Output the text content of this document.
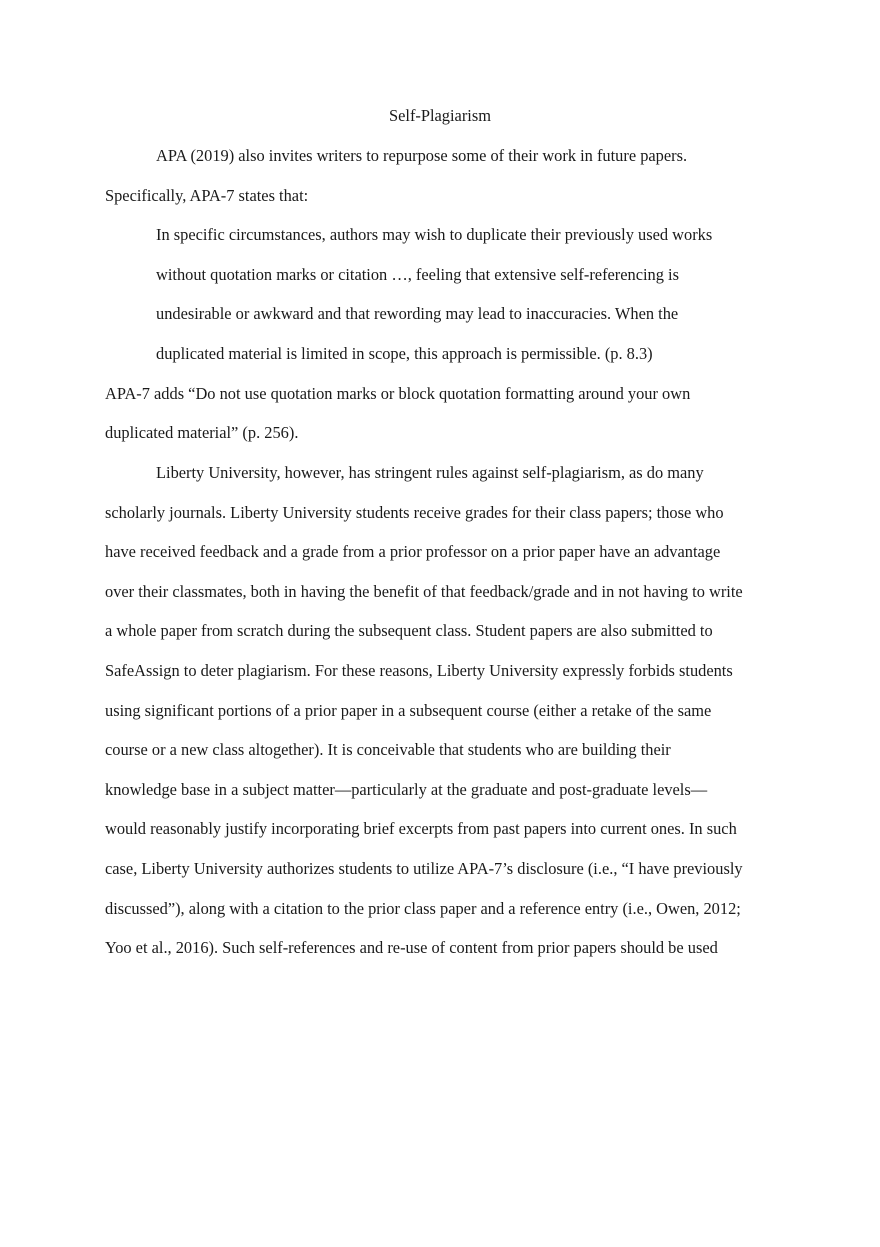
Self-Plagiarism
APA (2019) also invites writers to repurpose some of their work in future papers.
Specifically, APA-7 states that:
In specific circumstances, authors may wish to duplicate their previously used works
without quotation marks or citation …, feeling that extensive self-referencing is
undesirable or awkward and that rewording may lead to inaccuracies. When the
duplicated material is limited in scope, this approach is permissible. (p. 8.3)
APA-7 adds “Do not use quotation marks or block quotation formatting around your own
duplicated material” (p. 256).
Liberty University, however, has stringent rules against self-plagiarism, as do many
scholarly journals. Liberty University students receive grades for their class papers; those who
have received feedback and a grade from a prior professor on a prior paper have an advantage
over their classmates, both in having the benefit of that feedback/grade and in not having to write
a whole paper from scratch during the subsequent class. Student papers are also submitted to
SafeAssign to deter plagiarism. For these reasons, Liberty University expressly forbids students
using significant portions of a prior paper in a subsequent course (either a retake of the same
course or a new class altogether). It is conceivable that students who are building their
knowledge base in a subject matter—particularly at the graduate and post-graduate levels—
would reasonably justify incorporating brief excerpts from past papers into current ones. In such
case, Liberty University authorizes students to utilize APA-7’s disclosure (i.e., “I have previously
discussed”), along with a citation to the prior class paper and a reference entry (i.e., Owen, 2012;
Yoo et al., 2016). Such self-references and re-use of content from prior papers should be used
